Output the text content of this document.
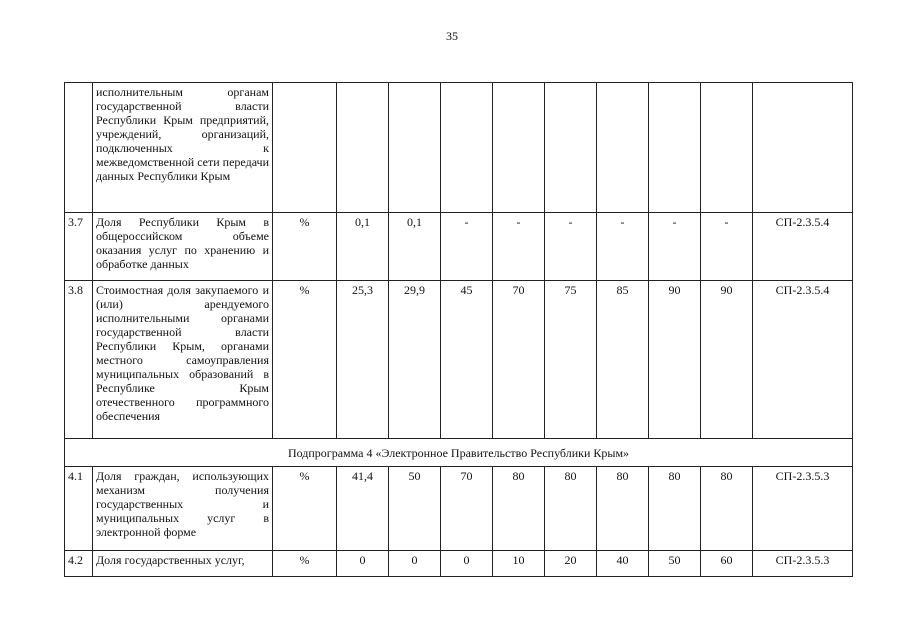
35
	исполнительным органам государственной власти Республики Крым предприятий, учреждений, организаций, подключенных к межведомственной сети передачи данных Республики Крым										
3.7	Доля Республики Крым в общероссийском объеме оказания услуг по хранению и обработке данных	%	0,1	0,1	-	-	-	-	-	-	СП-2.3.5.4
3.8	Стоимостная доля закупаемого и (или) арендуемого исполнительными органами государственной власти Республики Крым, органами местного самоуправления муниципальных образований в Республике Крым отечественного программного обеспечения	%	25,3	29,9	45	70	75	85	90	90	СП-2.3.5.4
Подпрограмма 4 «Электронное Правительство Республики Крым»											
4.1	Доля граждан, использующих механизм получения государственных и муниципальных услуг в электронной форме	%	41,4	50	70	80	80	80	80	80	СП-2.3.5.3
4.2	Доля государственных услуг,	%	0	0	0	10	20	40	50	60	СП-2.3.5.3
